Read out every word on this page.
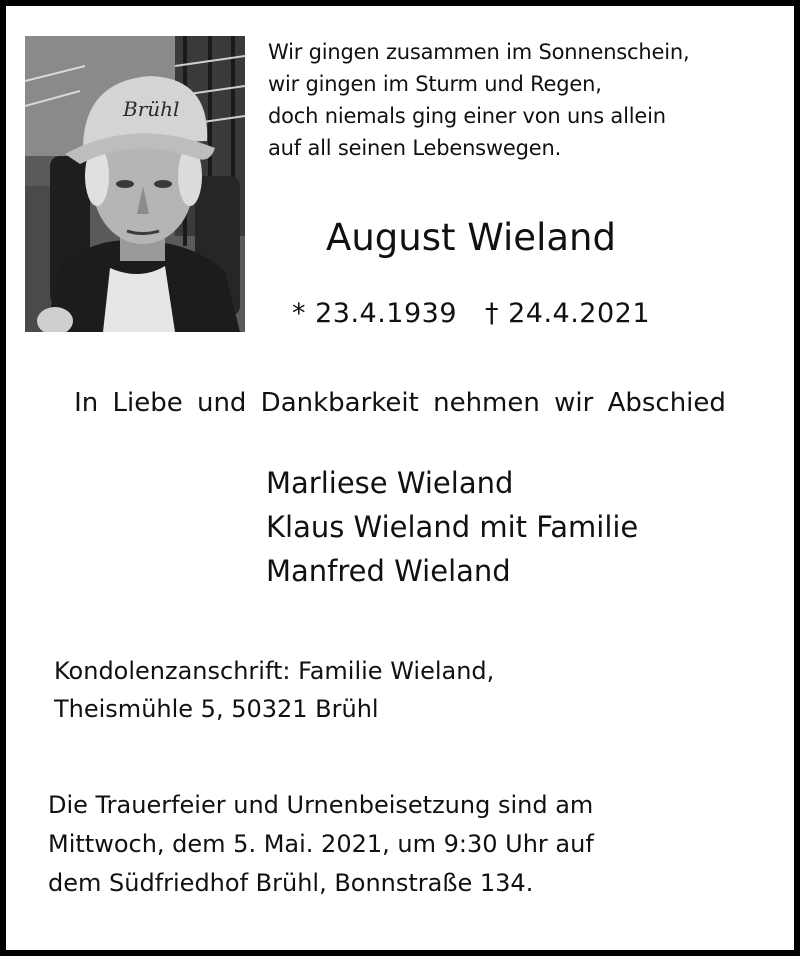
Brühl
Wir gingen zusammen im Sonnenschein,
wir gingen im Sturm und Regen,
doch niemals ging einer von uns allein
auf all seinen Lebenswegen.
August Wieland
* 23.4.1939 † 24.4.2021
In Liebe und Dankbarkeit nehmen wir Abschied
Marliese Wieland
Klaus Wieland mit Familie
Manfred Wieland
Kondolenzanschrift: Familie Wieland,
Theismühle 5, 50321 Brühl
Die Trauerfeier und Urnenbeisetzung sind am
Mittwoch, dem 5. Mai. 2021, um 9:30 Uhr auf
dem Südfriedhof Brühl, Bonnstraße 134.
